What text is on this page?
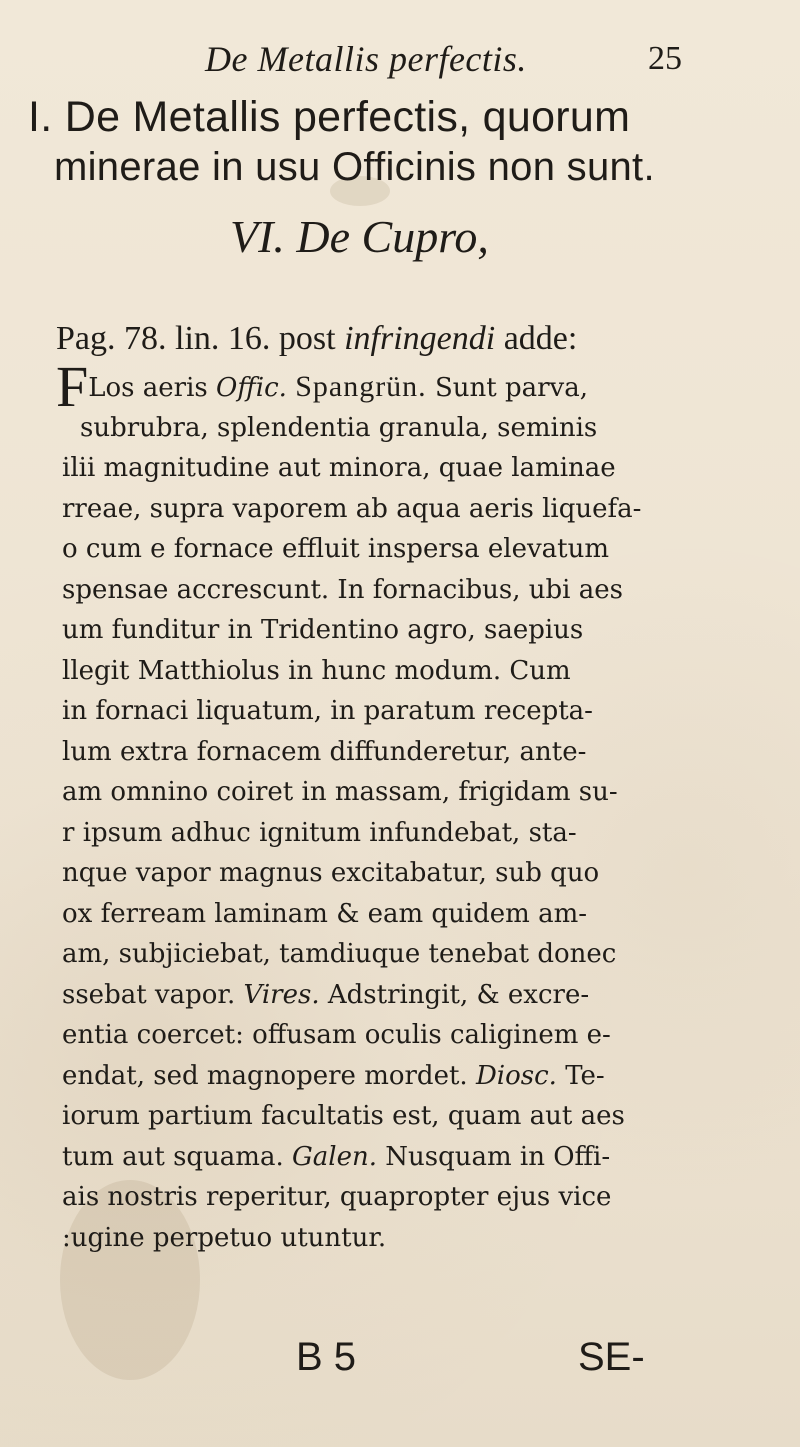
De Metallis perfectis.	25
I. De Metallis perfectis, quorum
minerae in usu Officinis non sunt.
VI. De Cupro,
Pag. 78. lin. 16. post infringendi adde:
FLos aeris Offic. Spangrün. Sunt parva,
subrubra, splendentia granula, seminis
ilii magnitudine aut minora, quae laminae
rreae, supra vaporem ab aqua aeris liquefa-
o cum e fornace effluit inspersa elevatum
spensae accrescunt. In fornacibus, ubi aes
um funditur in Tridentino agro, saepius
llegit Matthiolus in hunc modum. Cum
in fornaci liquatum, in paratum recepta-
lum extra fornacem diffunderetur, ante-
am omnino coiret in massam, frigidam su-
r ipsum adhuc ignitum infundebat, sta-
nque vapor magnus excitabatur, sub quo
ox ferream laminam & eam quidem am-
am, subjiciebat, tamdiuque tenebat donec
ssebat vapor. Vires. Adstringit, & excre-
entia coercet: offusam oculis caliginem e-
endat, sed magnopere mordet. Diosc. Te-
iorum partium facultatis est, quam aut aes
tum aut squama. Galen. Nusquam in Offi-
ais nostris reperitur, quapropter ejus vice
:ugine perpetuo utuntur.
B 5	SE-
